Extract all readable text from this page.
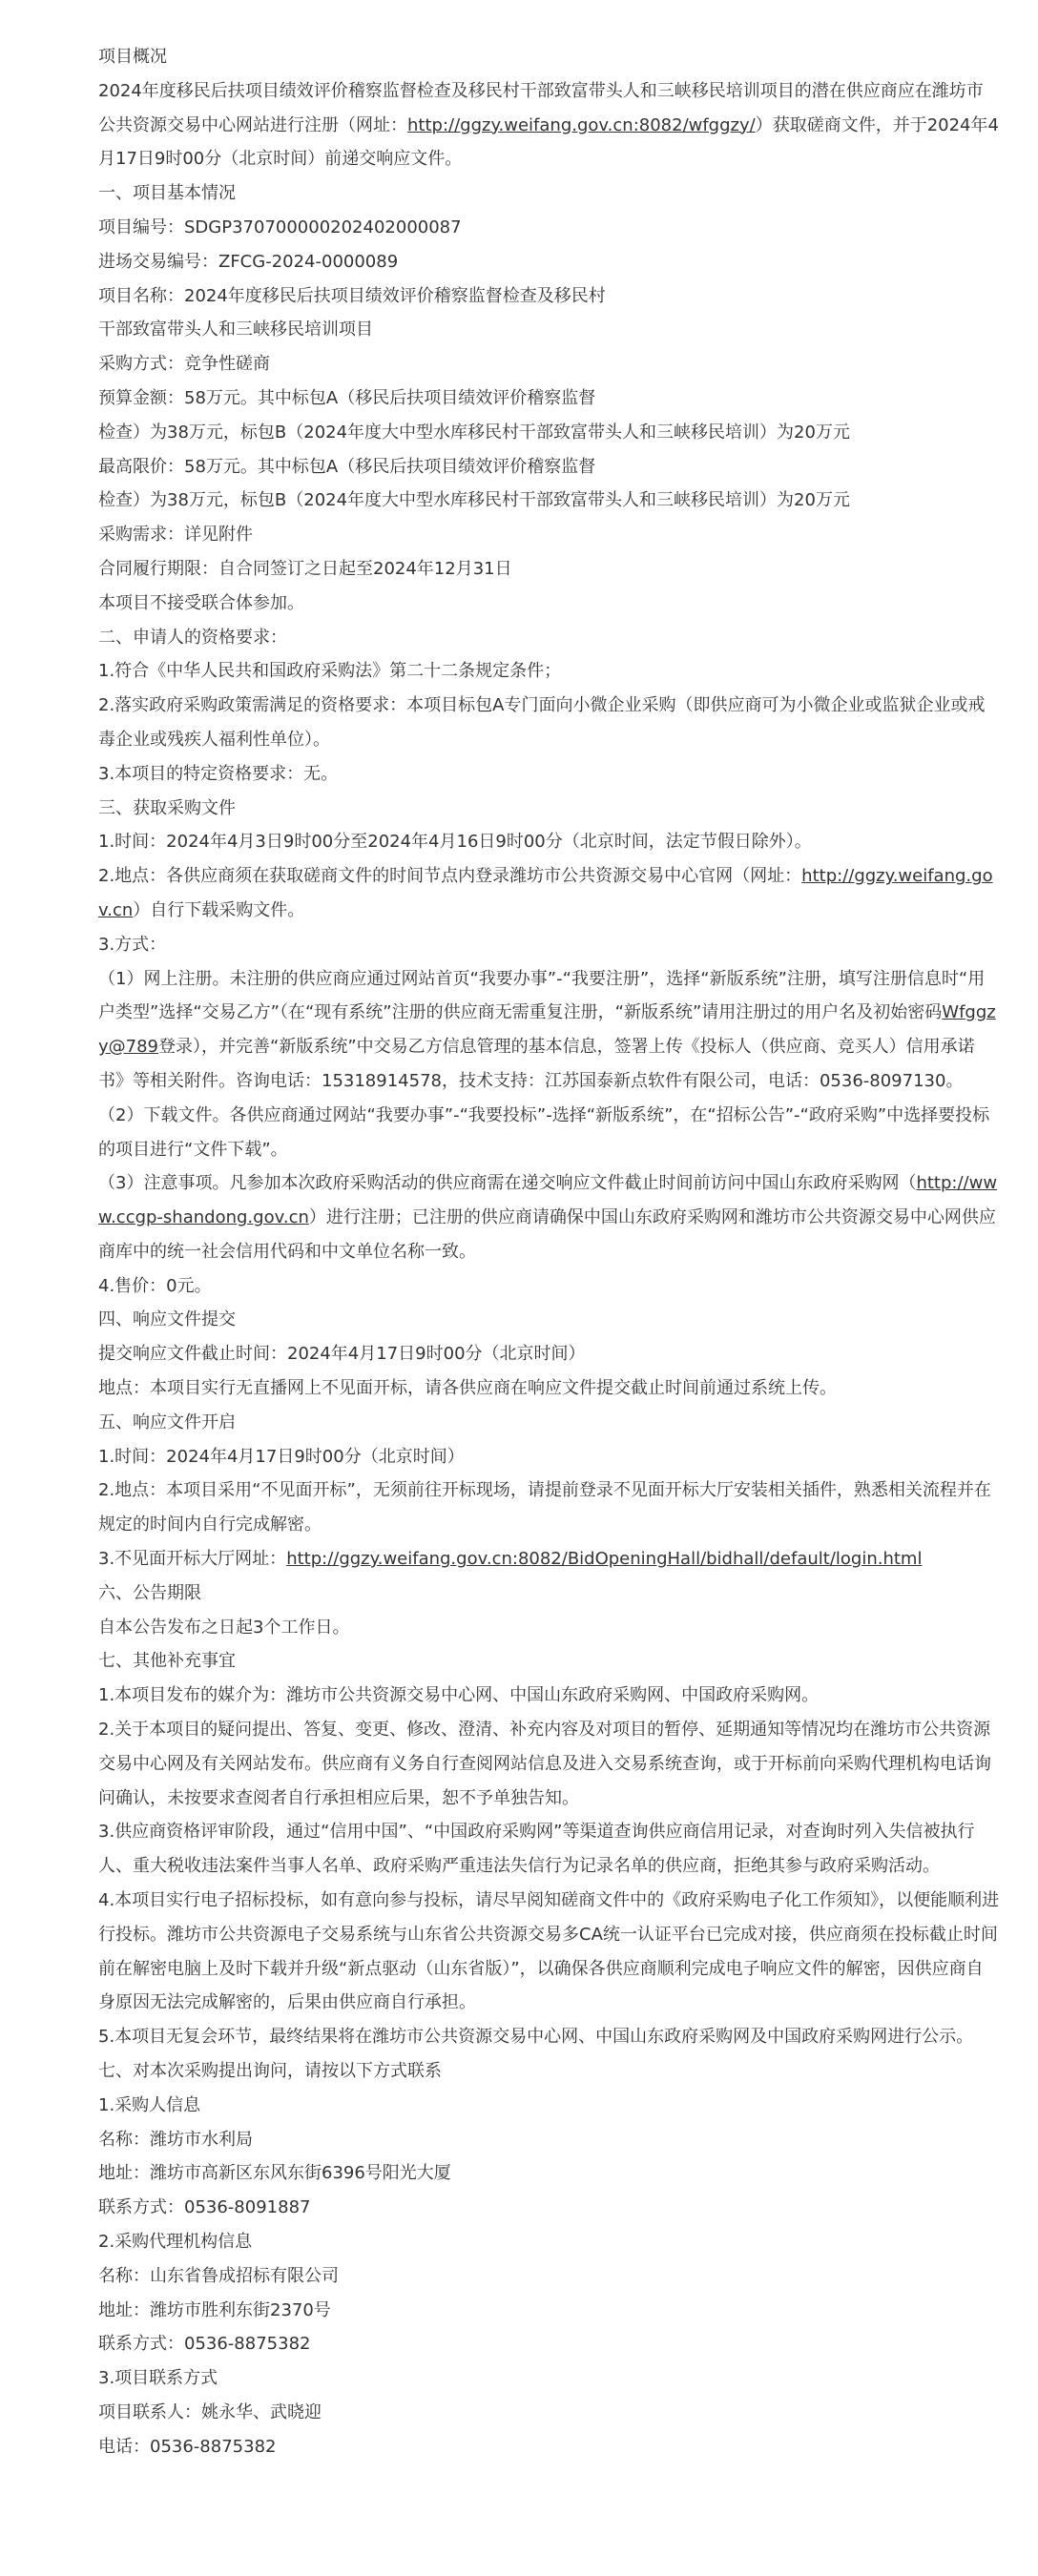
项目概况

2024年度移民后扶项目绩效评价稽察监督检查及移民村干部致富带头人和三峡移民培训项目的潜在供应商应在潍坊市公共资源交易中心网站进行注册（网址：http://ggzy.weifang.gov.cn:8082/wfggzy/）获取磋商文件，并于2024年4月17日9时00分（北京时间）前递交响应文件。

一、项目基本情况

项目编号：SDGP370700000202402000087

进场交易编号：ZFCG-2024-0000089

项目名称：2024年度移民后扶项目绩效评价稽察监督检查及移民村

干部致富带头人和三峡移民培训项目

采购方式：竞争性磋商

预算金额：58万元。其中标包A（移民后扶项目绩效评价稽察监督

检查）为38万元，标包B（2024年度大中型水库移民村干部致富带头人和三峡移民培训）为20万元

最高限价：58万元。其中标包A（移民后扶项目绩效评价稽察监督

检查）为38万元，标包B（2024年度大中型水库移民村干部致富带头人和三峡移民培训）为20万元

采购需求：详见附件

合同履行期限：自合同签订之日起至2024年12月31日

本项目不接受联合体参加。

二、申请人的资格要求：

1.符合《中华人民共和国政府采购法》第二十二条规定条件；

2.落实政府采购政策需满足的资格要求：本项目标包A专门面向小微企业采购（即供应商可为小微企业或监狱企业或戒毒企业或残疾人福利性单位）。

3.本项目的特定资格要求：无。

三、获取采购文件

1.时间：2024年4月3日9时00分至2024年4月16日9时00分（北京时间，法定节假日除外）。

2.地点：各供应商须在获取磋商文件的时间节点内登录潍坊市公共资源交易中心官网（网址：http://ggzy.weifang.gov.cn）自行下载采购文件。

3.方式：

（1）网上注册。未注册的供应商应通过网站首页“我要办事”-“我要注册”，选择“新版系统”注册，填写注册信息时“用户类型”选择“交易乙方”（在“现有系统”注册的供应商无需重复注册，“新版系统”请用注册过的用户名及初始密码Wfggzy@789登录），并完善“新版系统”中交易乙方信息管理的基本信息，签署上传《投标人（供应商、竞买人）信用承诺书》等相关附件。咨询电话：15318914578，技术支持：江苏国泰新点软件有限公司，电话：0536-8097130。

（2）下载文件。各供应商通过网站“我要办事”-“我要投标”-选择“新版系统”，在“招标公告”-“政府采购”中选择要投标的项目进行“文件下载”。

（3）注意事项。凡参加本次政府采购活动的供应商需在递交响应文件截止时间前访问中国山东政府采购网（http://www.ccgp-shandong.gov.cn）进行注册；已注册的供应商请确保中国山东政府采购网和潍坊市公共资源交易中心网供应商库中的统一社会信用代码和中文单位名称一致。

4.售价：0元。

四、响应文件提交

提交响应文件截止时间：2024年4月17日9时00分（北京时间）

地点：本项目实行无直播网上不见面开标，请各供应商在响应文件提交截止时间前通过系统上传。

五、响应文件开启

1.时间：2024年4月17日9时00分（北京时间）

2.地点：本项目采用“不见面开标”，无须前往开标现场，请提前登录不见面开标大厅安装相关插件，熟悉相关流程并在规定的时间内自行完成解密。

3.不见面开标大厅网址：http://ggzy.weifang.gov.cn:8082/BidOpeningHall/bidhall/default/login.html

六、公告期限

自本公告发布之日起3个工作日。

七、其他补充事宜

1.本项目发布的媒介为：潍坊市公共资源交易中心网、中国山东政府采购网、中国政府采购网。

2.关于本项目的疑问提出、答复、变更、修改、澄清、补充内容及对项目的暂停、延期通知等情况均在潍坊市公共资源交易中心网及有关网站发布。供应商有义务自行查阅网站信息及进入交易系统查询，或于开标前向采购代理机构电话询问确认，未按要求查阅者自行承担相应后果，恕不予单独告知。

3.供应商资格评审阶段，通过“信用中国”、“中国政府采购网”等渠道查询供应商信用记录，对查询时列入失信被执行人、重大税收违法案件当事人名单、政府采购严重违法失信行为记录名单的供应商，拒绝其参与政府采购活动。

4.本项目实行电子招标投标，如有意向参与投标，请尽早阅知磋商文件中的《政府采购电子化工作须知》，以便能顺利进行投标。潍坊市公共资源电子交易系统与山东省公共资源交易多CA统一认证平台已完成对接，供应商须在投标截止时间前在解密电脑上及时下载并升级“新点驱动（山东省版）”，以确保各供应商顺利完成电子响应文件的解密，因供应商自身原因无法完成解密的，后果由供应商自行承担。

5.本项目无复会环节，最终结果将在潍坊市公共资源交易中心网、中国山东政府采购网及中国政府采购网进行公示。

七、对本次采购提出询问，请按以下方式联系

1.采购人信息

名称：潍坊市水利局

地址：潍坊市高新区东风东街6396号阳光大厦

联系方式：0536-8091887

2.采购代理机构信息

名称：山东省鲁成招标有限公司

地址：潍坊市胜利东街2370号

联系方式：0536-8875382

3.项目联系方式

项目联系人：姚永华、武晓迎

电话：0536-8875382
